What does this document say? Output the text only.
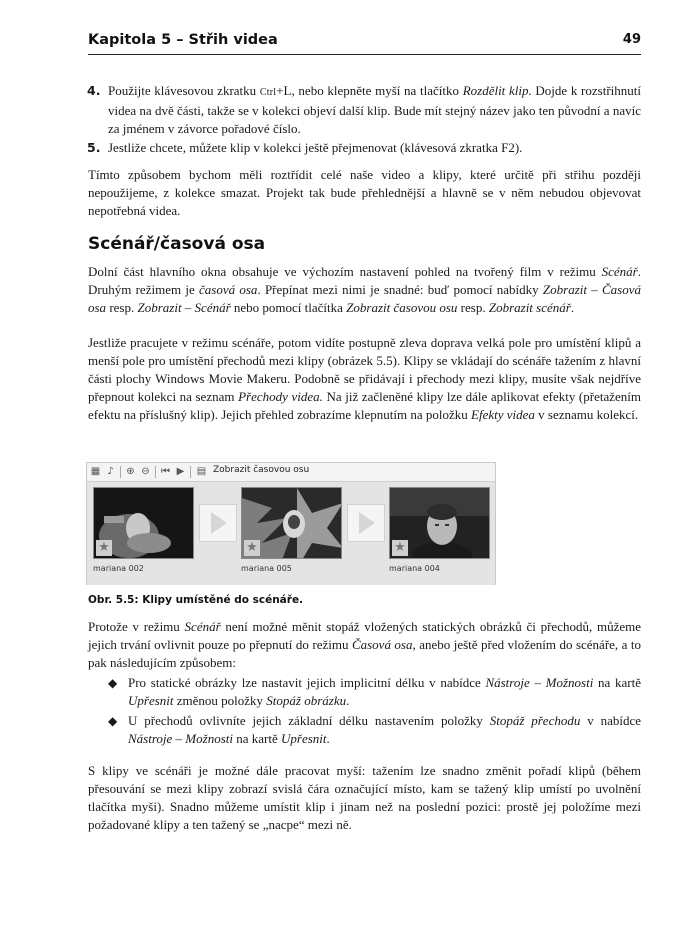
Kapitola 5 – Střih videa	49

4. Použijte klávesovou zkratku Ctrl+L, nebo klepněte myší na tlačítko Rozdělit klip. Dojde k rozstřihnutí videa na dvě části, takže se v kolekci objeví další klip. Bude mít stejný název jako ten původní a navíc za jménem v závorce pořadové číslo.

5. Jestliže chcete, můžete klip v kolekci ještě přejmenovat (klávesová zkratka F2).

Tímto způsobem bychom měli roztřídit celé naše video a klipy, které určitě při střihu později nepoužijeme, z kolekce smazat. Projekt tak bude přehlednější a hlavně se v něm nebudou objevovat nepotřebná videa.

Scénář/časová osa

Dolní část hlavního okna obsahuje ve výchozím nastavení pohled na tvořený film v režimu Scénář. Druhým režimem je časová osa. Přepínat mezi nimi je snadné: buď pomocí nabídky Zobrazit – Časová osa resp. Zobrazit – Scénář nebo pomocí tlačítka Zobrazit časovou osu resp. Zobrazit scénář.

Jestliže pracujete v režimu scénáře, potom vidíte postupně zleva doprava velká pole pro umístění klipů a menší pole pro umístění přechodů mezi klipy (obrázek 5.5). Klipy se vkládají do scénáře tažením z hlavní části plochy Windows Movie Makeru. Podobně se přidávají i přechody mezi klipy, musíte však nejdříve přepnout kolekci na seznam Přechody videa. Na již začleněné klipy lze dále aplikovat efekty (přetažením efektu na příslušný klip). Jejich přehled zobrazíme klepnutím na položku Efekty videa v seznamu kolekcí.

▦ ♪ ⊕ ⊖ ⏮ ▶ ▤ Zobrazit časovou osu
★
mariana 002
★
mariana 005
★
mariana 004
Obr. 5.5: Klipy umístěné do scénáře.

Protože v režimu Scénář není možné měnit stopáž vložených statických obrázků či přechodů, můžeme jejich trvání ovlivnit pouze po přepnutí do režimu Časová osa, anebo ještě před vložením do scénáře, a to pak následujícím způsobem:

◆ Pro statické obrázky lze nastavit jejich implicitní délku v nabídce Nástroje – Možnosti na kartě Upřesnit změnou položky Stopáž obrázku.

◆ U přechodů ovlivníte jejich základní délku nastavením položky Stopáž přechodu v nabídce Nástroje – Možnosti na kartě Upřesnit.

S klipy ve scénáři je možné dále pracovat myší: tažením lze snadno změnit pořadí klipů (během přesouvání se mezi klipy zobrazí svislá čára označující místo, kam se tažený klip umístí po uvolnění tlačítka myši). Snadno můžeme umístit klip i jinam než na poslední pozici: prostě jej položíme mezi požadované klipy a ten tažený se „nacpe“ mezi ně.
